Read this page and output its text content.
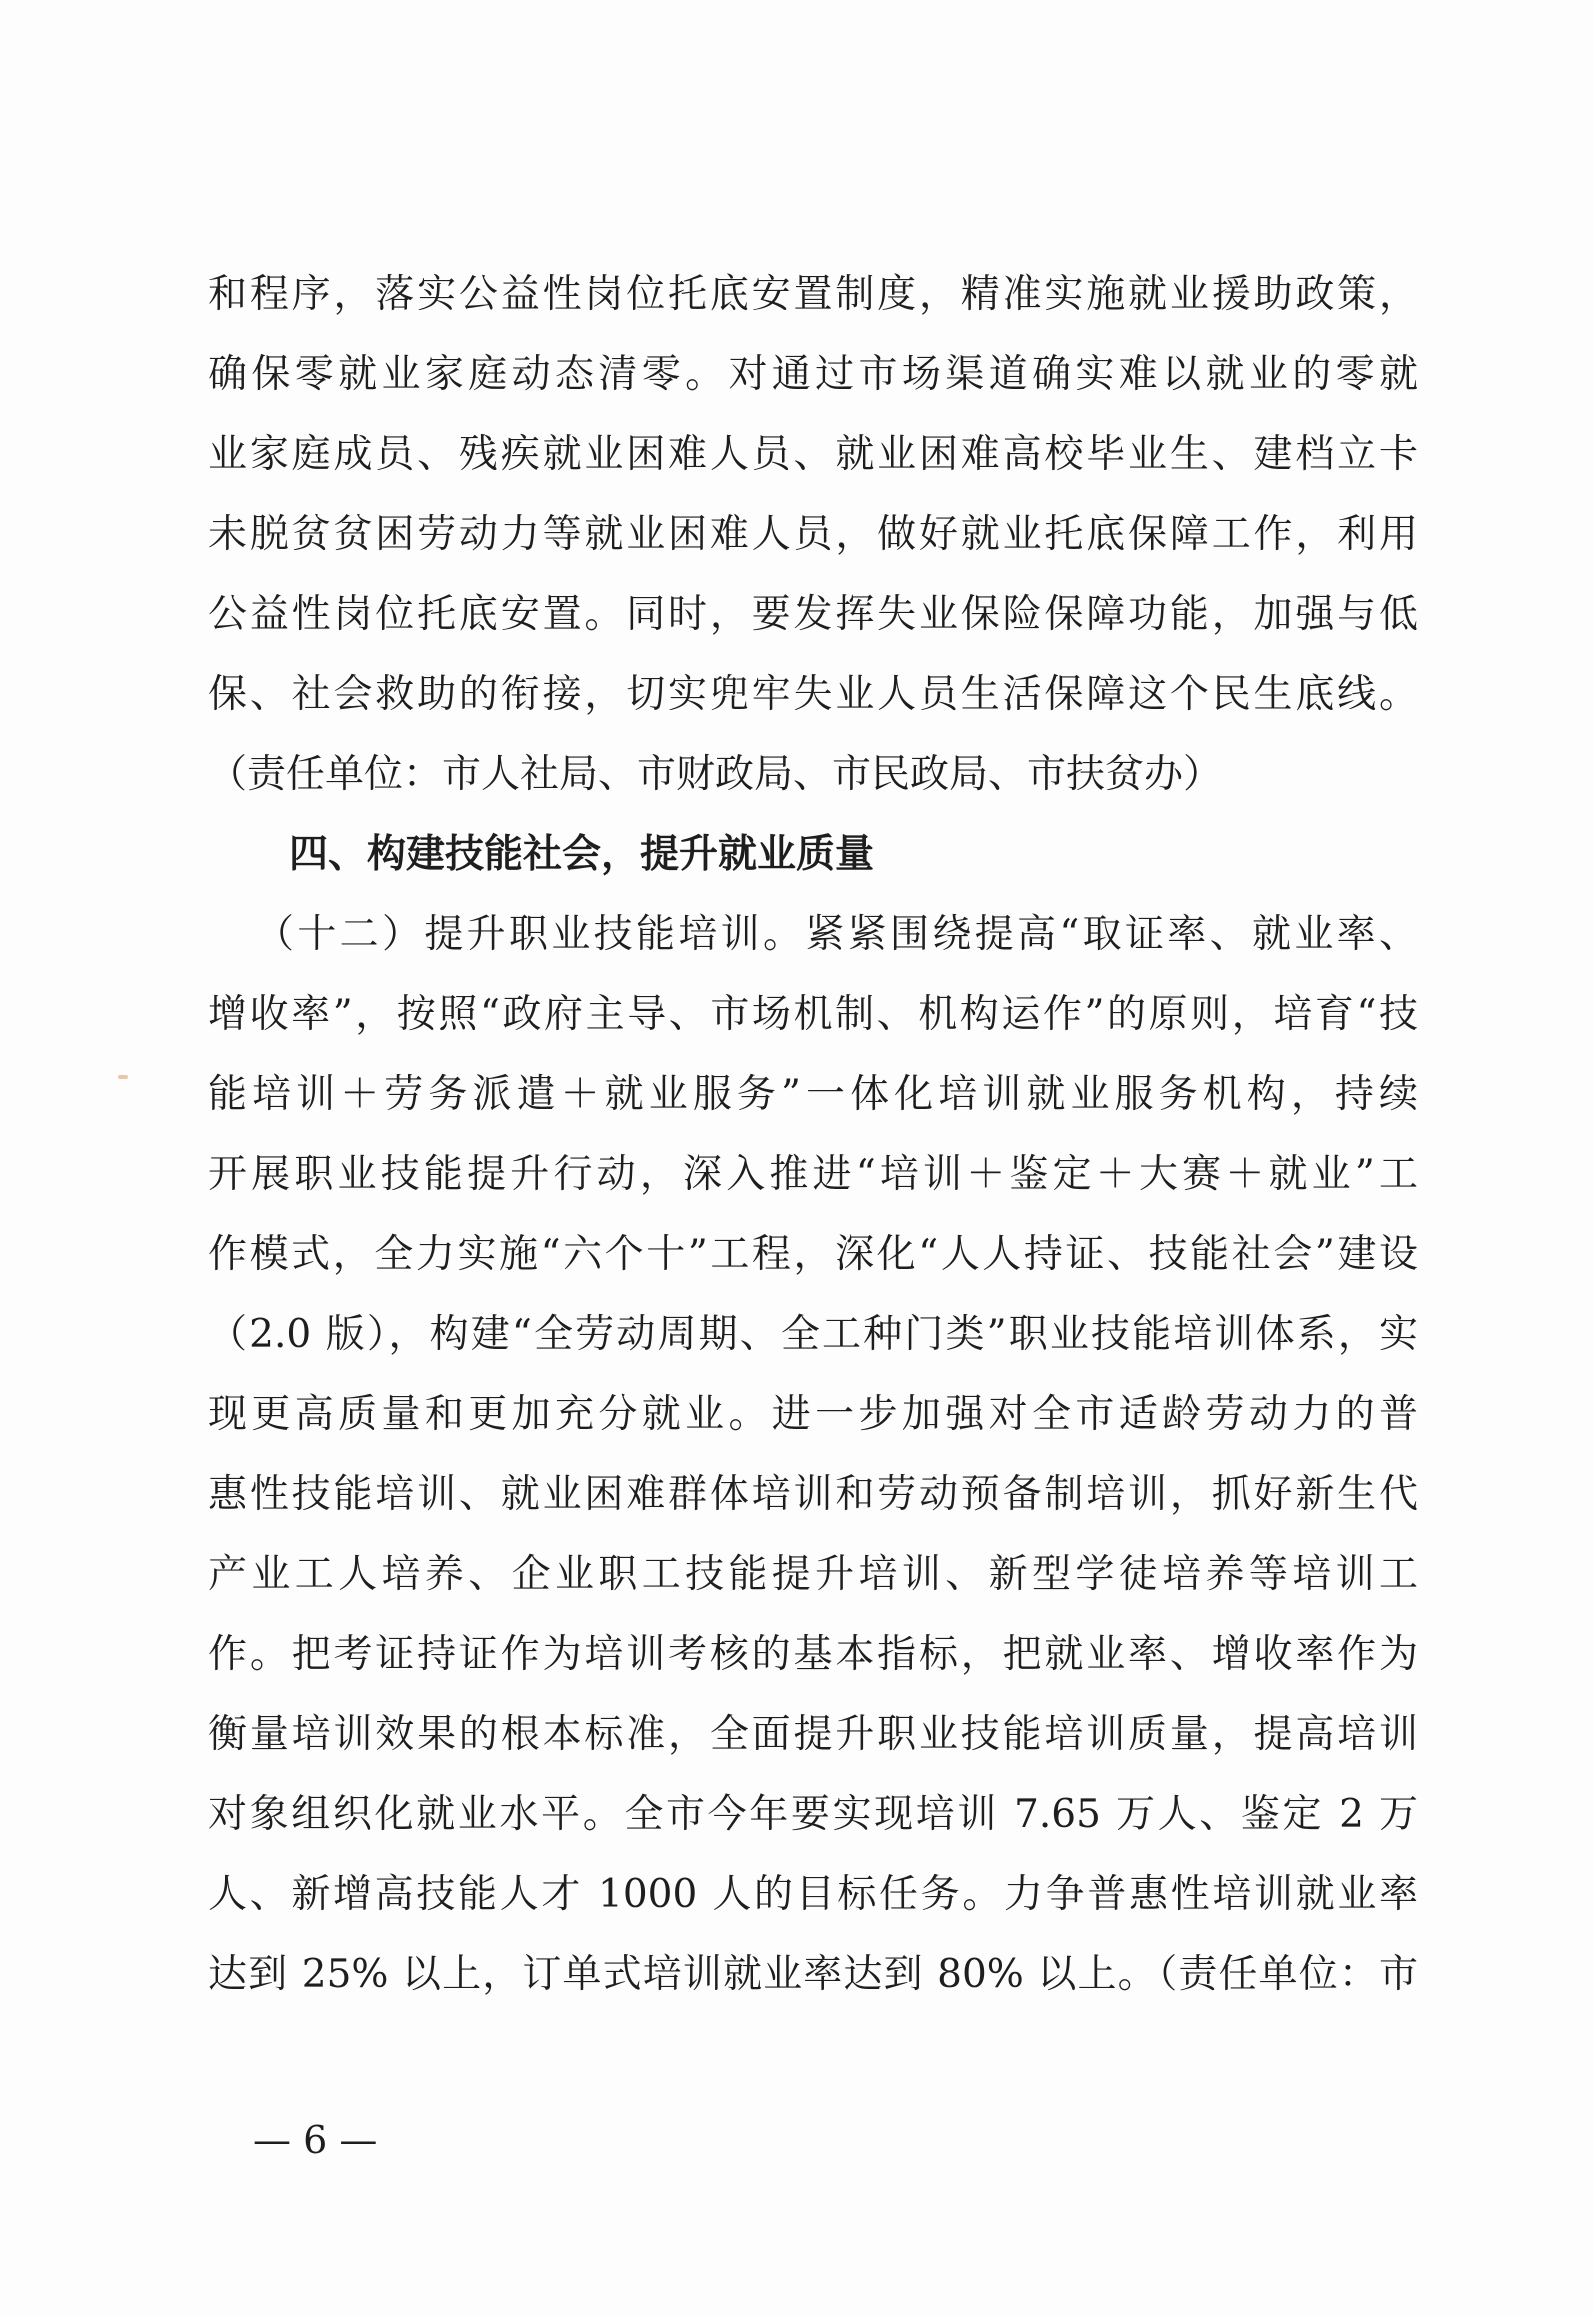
和程序，落实公益性岗位托底安置制度，精准实施就业援助政策，
确保零就业家庭动态清零。对通过市场渠道确实难以就业的零就
业家庭成员、残疾就业困难人员、就业困难高校毕业生、建档立卡
未脱贫贫困劳动力等就业困难人员，做好就业托底保障工作，利用
公益性岗位托底安置。同时，要发挥失业保险保障功能，加强与低
保、社会救助的衔接，切实兜牢失业人员生活保障这个民生底线。
（责任单位：市人社局、市财政局、市民政局、市扶贫办）
四、构建技能社会，提升就业质量
（十二）提升职业技能培训。紧紧围绕提高“取证率、就业率、
增收率”，按照“政府主导、市场机制、机构运作”的原则，培育“技
能培训＋劳务派遣＋就业服务”一体化培训就业服务机构，持续
开展职业技能提升行动，深入推进“培训＋鉴定＋大赛＋就业”工
作模式，全力实施“六个十”工程，深化“人人持证、技能社会”建设
（2.0 版），构建“全劳动周期、全工种门类”职业技能培训体系，实
现更高质量和更加充分就业。进一步加强对全市适龄劳动力的普
惠性技能培训、就业困难群体培训和劳动预备制培训，抓好新生代
产业工人培养、企业职工技能提升培训、新型学徒培养等培训工
作。把考证持证作为培训考核的基本指标，把就业率、增收率作为
衡量培训效果的根本标准，全面提升职业技能培训质量，提高培训
对象组织化就业水平。全市今年要实现培训 7.65 万人、鉴定 2 万
人、新增高技能人才 1000 人的目标任务。力争普惠性培训就业率
达到 25% 以上，订单式培训就业率达到 80% 以上。（责任单位：市
— 6 —
